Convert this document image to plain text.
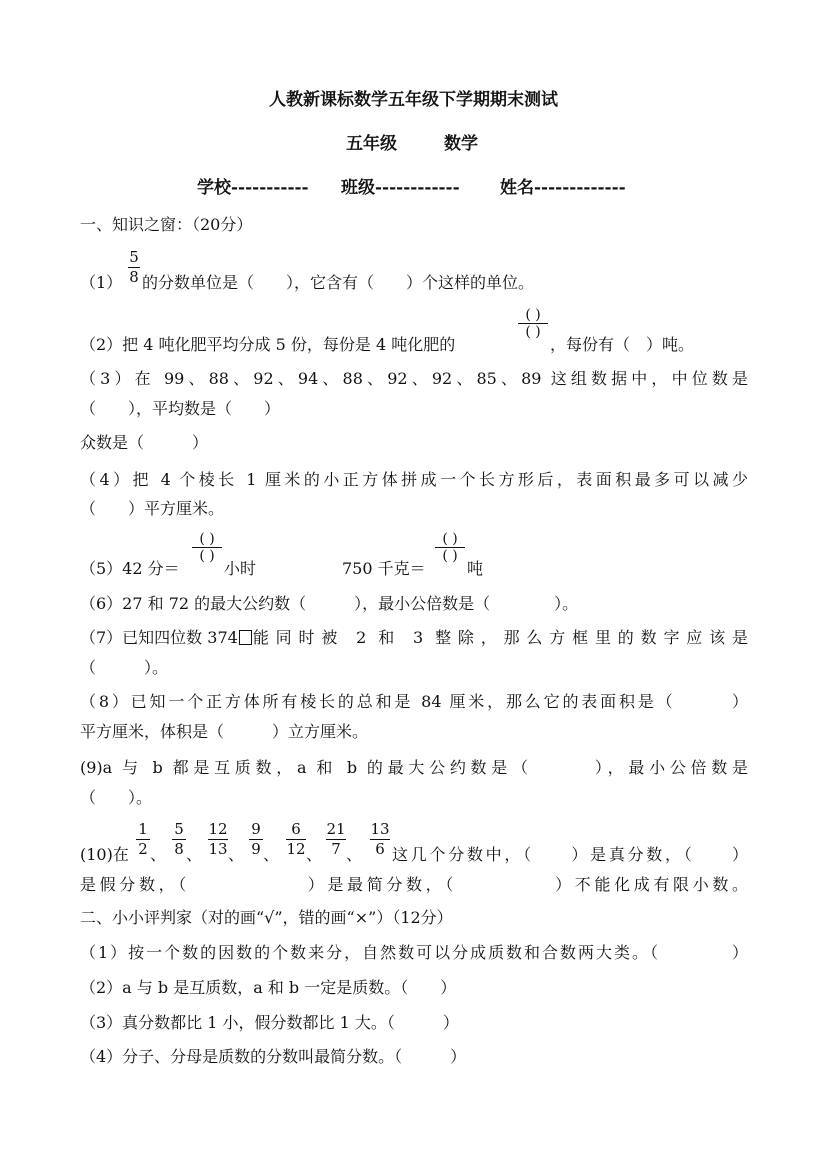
人教新课标数学五年级下学期期末测试
五年级	数学
学校----------- 班级------------ 姓名-------------
一、知识之窗：（20分）
（1）
5
8 的分数单位是（　　），它含有（　　）个这样的单位。
（2）把 4 吨化肥平均分成 5 份，每份是 4 吨化肥的
( )
( )
，每份有（　）吨。
（3）在 99、88、92、94、88、92、92、85、89 这组数据中，中位数是
（　　），平均数是（　　）
众数是（　　　）
（4）把 4 个棱长 1 厘米的小正方体拼成一个长方形后，表面积最多可以减少
（　　）平方厘米。
（5）42 分＝
( )
( )
小时	750 千克＝
( )
( )
吨
（6）27 和 72 的最大公约数（　　　），最小公倍数是（　　　　）。
（7）已知四位数 374 能同时被 2 和 3 整除，那么方框里的数字应该是
（　　　）。
（8）已知一个正方体所有棱长的总和是 84 厘米，那么它的表面积是（　　　）
平方厘米，体积是（　　　）立方厘米。
(9)a 与 b 都是互质数，a 和 b 的最大公约数是（　　　），最小公倍数是
（　　）。
(10)在
1
2 、
5
8 、
12
13 、
9
9 、
6
12 、
21
7 、
13
6 这几个分数中，（　　）是真分数，（　　）
是假分数，（　　　　　　）是最简分数，（　　　　　）不能化成有限小数。
二、小小评判家（对的画“√”，错的画“×”）（12分）
（1）按一个数的因数的个数来分，自然数可以分成质数和合数两大类。（　　　　）
（2）a 与 b 是互质数，a 和 b 一定是质数。（　　）
（3）真分数都比 1 小，假分数都比 1 大。（　　　）
（4）分子、分母是质数的分数叫最简分数。（　　　）
